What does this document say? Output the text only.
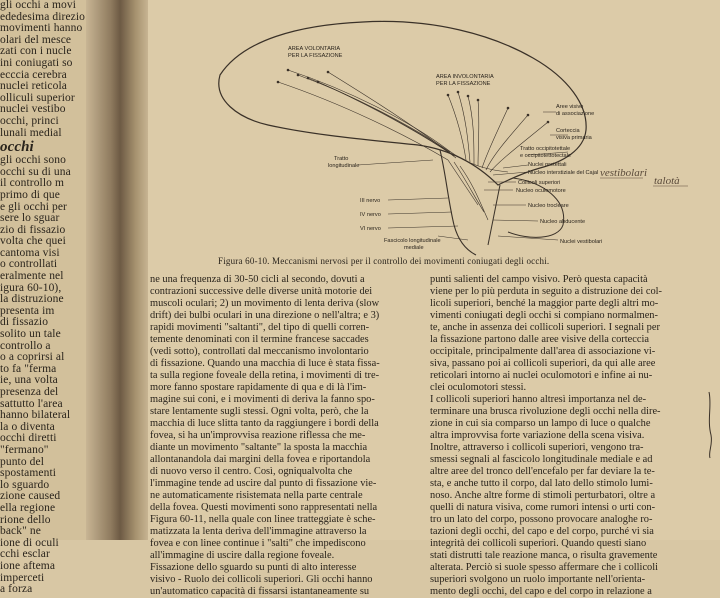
gli occhi a movi

ededesima direzio

movimenti hanno

olari del mesce

zati con i nucle

ini coniugati so

ecccia cerebra

nuclei reticola

olliculi superior

nuclei vestibo

occhi, princi

lunali medial

occhi

gli occhi sono

occhi su di una

il controllo m

primo di que

e gli occhi per

sere lo sguar

zio di fissazio

volta che quei

cantoma visi

o controllati

eralmente nel

igura 60-10),

la distruzione

presenta im

di fissazio

solito un tale

controllo a

o a coprirsi al

to fa "ferma

ie, una volta

presenza del

sattutto l'area

hanno bilateral

la o diventa

occhi diretti

"fermano"

punto del

spostamenti

lo sguardo

zione caused

ella regione

rione dello

back" ne

ione di oculi

cchi esclar

ione aftema

imperceti

a forza

AREA VOLONTARIA
PER LA FISSAZIONE
AREA INVOLONTARIA
PER LA FISSAZIONE
Aree visive
di associazione
Corteccia
visiva primaria
Tratto occipitotettale
e occipitotettotectale
Tratto
longitudinale	Nuclei pretettali
Nucleo interstiziale del Cajal
Collicoli superiori
Nucleo oculomotore
III nervo
IV nervo
VI nervo
Nucleo trocleare
Nucleo abducente
Nuclei vestibolari
Fascicolo longitudinale
mediale
vestibolari
talotà
Figura 60-10. Meccanismi nervosi per il controllo dei movimenti coniugati degli occhi.

ne una frequenza di 30-50 cicli al secondo, dovuti a

contrazioni successive delle diverse unità motorie dei

muscoli oculari; 2) un movimento di lenta deriva (slow

drift) dei bulbi oculari in una direzione o nell'altra; e 3)

rapidi movimenti "saltanti", del tipo di quelli corren-

temente denominati con il termine francese saccades

(vedi sotto), controllati dal meccanismo involontario

di fissazione. Quando una macchia di luce è stata fissa-

ta sulla regione foveale della retina, i movimenti di tre-

more fanno spostare rapidamente di qua e di là l'im-

magine sui coni, e i movimenti di deriva la fanno spo-

stare lentamente sugli stessi. Ogni volta, però, che la

macchia di luce slitta tanto da raggiungere i bordi della

fovea, si ha un'improvvisa reazione riflessa che me-

diante un movimento "saltante" la sposta la macchia

allontanandola dai margini della fovea e riportandola

di nuovo verso il centro. Così, ogniqualvolta che

l'immagine tende ad uscire dal punto di fissazione vie-

ne automaticamente risistemata nella parte centrale

della fovea. Questi movimenti sono rappresentati nella

Figura 60-11, nella quale con linee tratteggiate è sche-

matizzata la lenta deriva dell'immagine attraverso la

fovea e con linee continue i "salti" che impediscono

all'immagine di uscire dalla regione foveale.

Fissazione dello sguardo su punti di alto interesse

visivo - Ruolo dei collicoli superiori. Gli occhi hanno

un'automatico capacità di fissarsi istantaneamente su

punti salienti del campo visivo. Però questa capacità

viene per lo più perduta in seguito a distruzione dei col-

licoli superiori, benché la maggior parte degli altri mo-

vimenti coniugati degli occhi si compiano normalmen-

te, anche in assenza dei collicoli superiori. I segnali per

la fissazione partono dalle aree visive della corteccia

occipitale, principalmente dall'area di associazione vi-

siva, passano poi ai collicoli superiori, da qui alle aree

reticolari intorno ai nuclei oculomotori e infine ai nu-

clei oculomotori stessi.

I collicoli superiori hanno altresì importanza nel de-

terminare una brusca rivoluzione degli occhi nella dire-

zione in cui sia comparso un lampo di luce o qualche

altra improvvisa forte variazione della scena visiva.

Inoltre, attraverso i collicoli superiori, vengono tra-

smessi segnali al fascicolo longitudinale mediale e ad

altre aree del tronco dell'encefalo per far deviare la te-

sta, e anche tutto il corpo, dal lato dello stimolo lumi-

noso. Anche altre forme di stimoli perturbatori, oltre a

quelli di natura visiva, come rumori intensi o urti con-

tro un lato del corpo, possono provocare analoghe ro-

tazioni degli occhi, del capo e del corpo, purché vi sia

integrità dei collicoli superiori. Quando questi siano

stati distrutti tale reazione manca, o risulta gravemente

alterata. Perciò si suole spesso affermare che i collicoli

superiori svolgono un ruolo importante nell'orienta-

mento degli occhi, del capo e del corpo in relazione a
